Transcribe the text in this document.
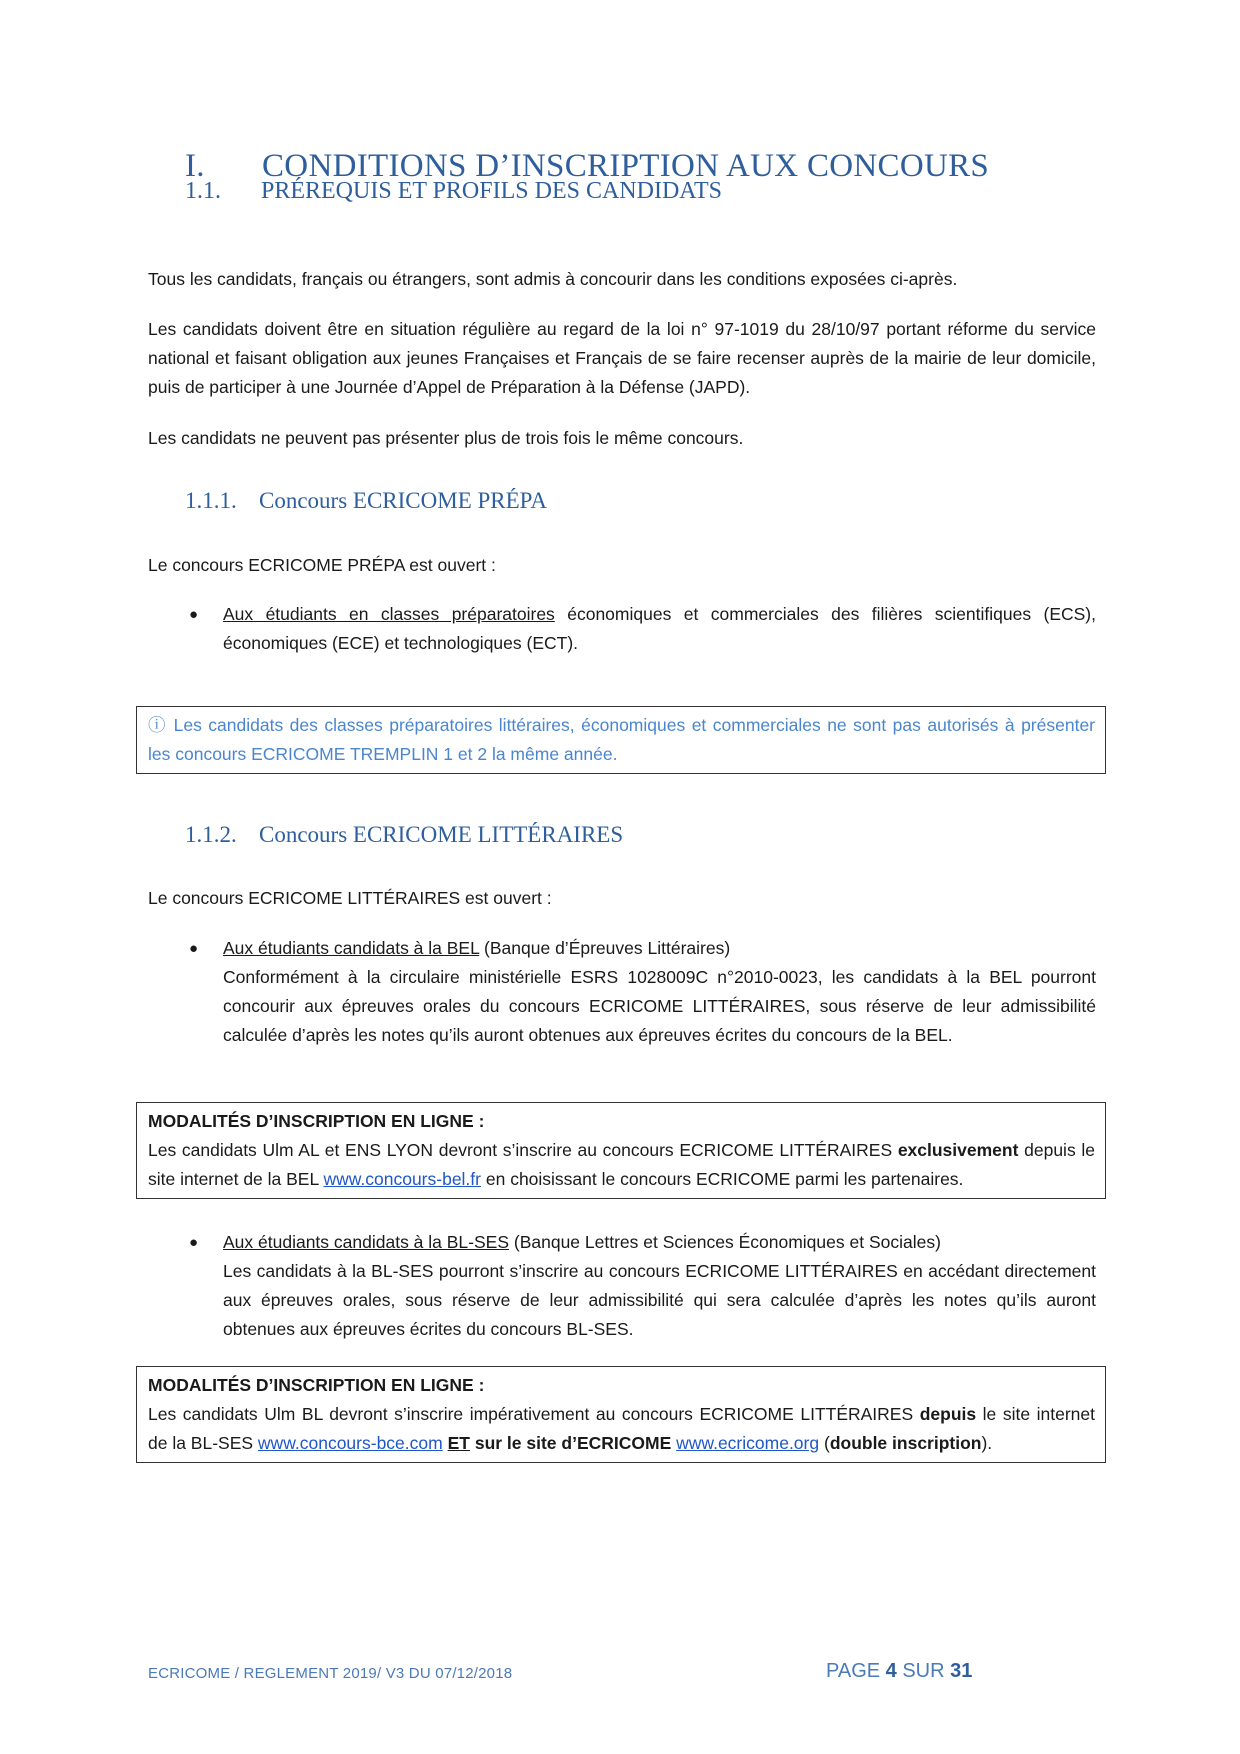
I. CONDITIONS D’INSCRIPTION AUX CONCOURS
1.1. PRÉREQUIS ET PROFILS DES CANDIDATS
Tous les candidats, français ou étrangers, sont admis à concourir dans les conditions exposées ci-après.
Les candidats doivent être en situation régulière au regard de la loi n° 97-1019 du 28/10/97 portant réforme du service national et faisant obligation aux jeunes Françaises et Français de se faire recenser auprès de la mairie de leur domicile, puis de participer à une Journée d’Appel de Préparation à la Défense (JAPD).
Les candidats ne peuvent pas présenter plus de trois fois le même concours.
1.1.1. Concours ECRICOME PRÉPA
Le concours ECRICOME PRÉPA est ouvert :
● Aux étudiants en classes préparatoires économiques et commerciales des filières scientifiques (ECS), économiques (ECE) et technologiques (ECT).
ⓘ Les candidats des classes préparatoires littéraires, économiques et commerciales ne sont pas autorisés à présenter les concours ECRICOME TREMPLIN 1 et 2 la même année.
1.1.2. Concours ECRICOME LITTÉRAIRES
Le concours ECRICOME LITTÉRAIRES est ouvert :
● Aux étudiants candidats à la BEL (Banque d’Épreuves Littéraires)
Conformément à la circulaire ministérielle ESRS 1028009C n°2010-0023, les candidats à la BEL pourront concourir aux épreuves orales du concours ECRICOME LITTÉRAIRES, sous réserve de leur admissibilité calculée d’après les notes qu’ils auront obtenues aux épreuves écrites du concours de la BEL.
MODALITÉS D’INSCRIPTION EN LIGNE :
Les candidats Ulm AL et ENS LYON devront s’inscrire au concours ECRICOME LITTÉRAIRES exclusivement depuis le site internet de la BEL www.concours-bel.fr en choisissant le concours ECRICOME parmi les partenaires.
● Aux étudiants candidats à la BL-SES (Banque Lettres et Sciences Économiques et Sociales)
Les candidats à la BL-SES pourront s’inscrire au concours ECRICOME LITTÉRAIRES en accédant directement aux épreuves orales, sous réserve de leur admissibilité qui sera calculée d’après les notes qu’ils auront obtenues aux épreuves écrites du concours BL-SES.
MODALITÉS D’INSCRIPTION EN LIGNE :
Les candidats Ulm BL devront s’inscrire impérativement au concours ECRICOME LITTÉRAIRES depuis le site internet de la BL-SES www.concours-bce.com ET sur le site d’ECRICOME www.ecricome.org (double inscription).
ECRICOME / REGLEMENT 2019/ V3 DU 07/12/2018	PAGE 4 SUR 31
